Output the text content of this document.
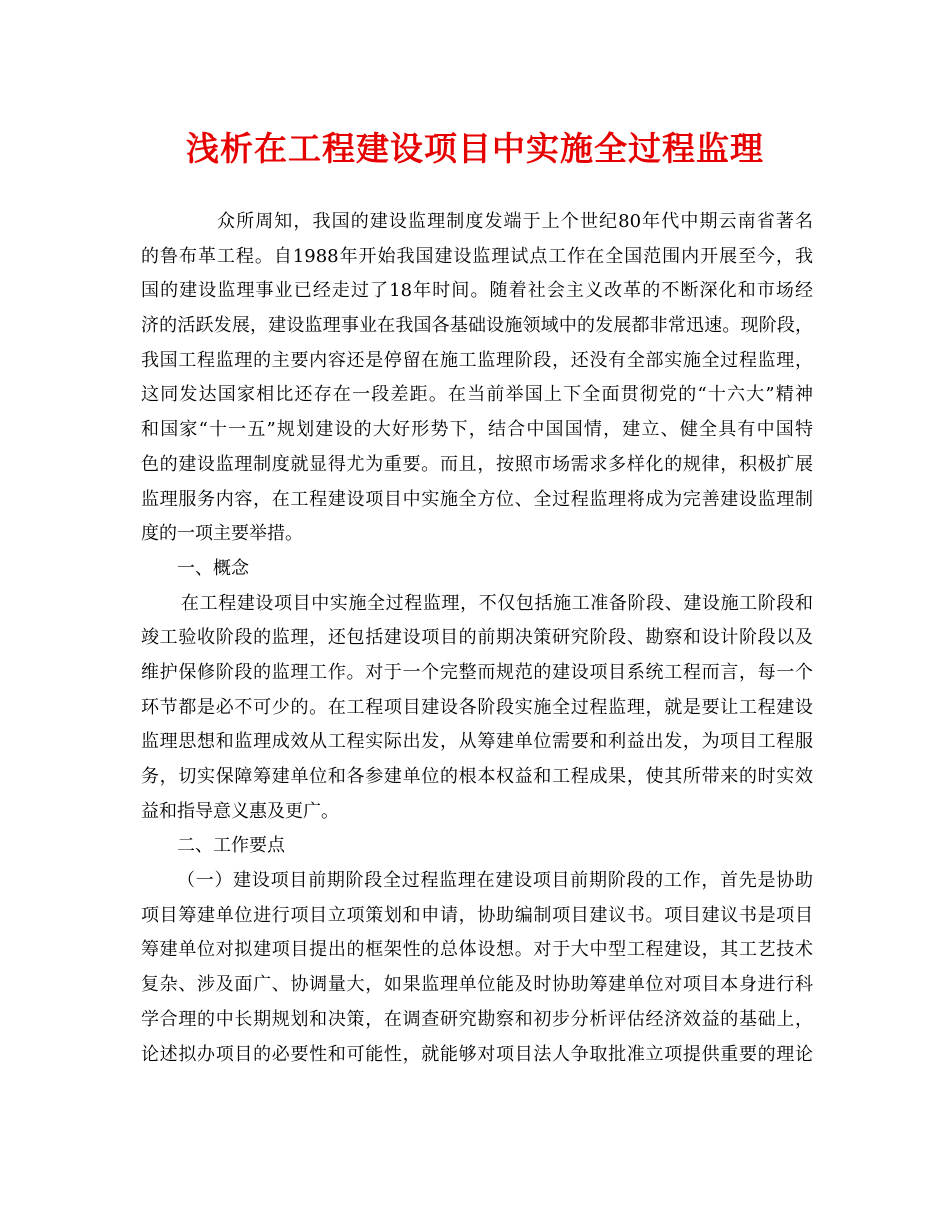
浅析在工程建设项目中实施全过程监理
众所周知，我国的建设监理制度发端于上个世纪80年代中期云南省著名
的鲁布革工程。自1988年开始我国建设监理试点工作在全国范围内开展至今，我
国的建设监理事业已经走过了18年时间。随着社会主义改革的不断深化和市场经
济的活跃发展，建设监理事业在我国各基础设施领域中的发展都非常迅速。现阶段，
我国工程监理的主要内容还是停留在施工监理阶段，还没有全部实施全过程监理，
这同发达国家相比还存在一段差距。在当前举国上下全面贯彻党的“十六大”精神
和国家“十一五”规划建设的大好形势下，结合中国国情，建立、健全具有中国特
色的建设监理制度就显得尤为重要。而且，按照市场需求多样化的规律，积极扩展
监理服务内容，在工程建设项目中实施全方位、全过程监理将成为完善建设监理制
度的一项主要举措。
一、概念
在工程建设项目中实施全过程监理，不仅包括施工准备阶段、建设施工阶段和
竣工验收阶段的监理，还包括建设项目的前期决策研究阶段、勘察和设计阶段以及
维护保修阶段的监理工作。对于一个完整而规范的建设项目系统工程而言，每一个
环节都是必不可少的。在工程项目建设各阶段实施全过程监理，就是要让工程建设
监理思想和监理成效从工程实际出发，从筹建单位需要和利益出发，为项目工程服
务，切实保障筹建单位和各参建单位的根本权益和工程成果，使其所带来的时实效
益和指导意义惠及更广。
二、工作要点
（一）建设项目前期阶段全过程监理在建设项目前期阶段的工作，首先是协助
项目筹建单位进行项目立项策划和申请，协助编制项目建议书。项目建议书是项目
筹建单位对拟建项目提出的框架性的总体设想。对于大中型工程建设，其工艺技术
复杂、涉及面广、协调量大，如果监理单位能及时协助筹建单位对项目本身进行科
学合理的中长期规划和决策，在调查研究勘察和初步分析评估经济效益的基础上，
论述拟办项目的必要性和可能性，就能够对项目法人争取批准立项提供重要的理论
